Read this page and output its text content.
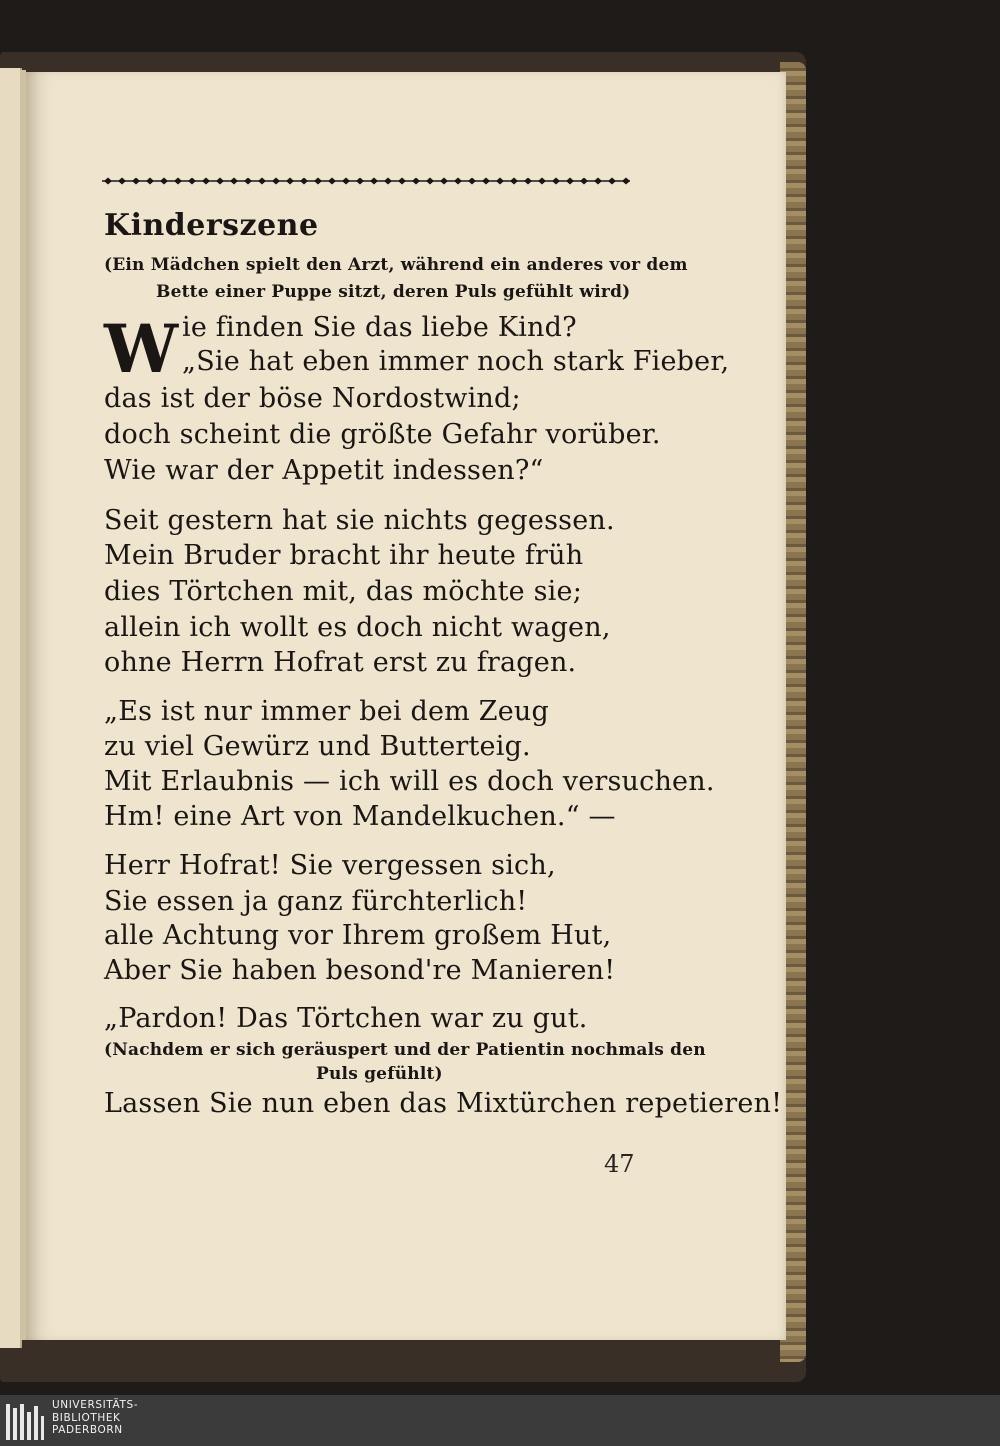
Kinderszene
(Ein Mädchen spielt den Arzt, während ein anderes vor dem
Bette einer Puppe sitzt, deren Puls gefühlt wird)
W ie finden Sie das liebe Kind?
„Sie hat eben immer noch stark Fieber,
das ist der böse Nordostwind;
doch scheint die größte Gefahr vorüber.
Wie war der Appetit indessen?“
Seit gestern hat sie nichts gegessen.
Mein Bruder bracht ihr heute früh
dies Törtchen mit, das möchte sie;
allein ich wollt es doch nicht wagen,
ohne Herrn Hofrat erst zu fragen.
„Es ist nur immer bei dem Zeug
zu viel Gewürz und Butterteig.
Mit Erlaubnis — ich will es doch versuchen.
Hm! eine Art von Mandelkuchen.“ —
Herr Hofrat! Sie vergessen sich,
Sie essen ja ganz fürchterlich!
alle Achtung vor Ihrem großem Hut,
Aber Sie haben besond're Manieren!
„Pardon! Das Törtchen war zu gut.
(Nachdem er sich geräuspert und der Patientin nochmals den
Puls gefühlt)
Lassen Sie nun eben das Mixtürchen repetieren!
47
UNIVERSITÄTS-
BIBLIOTHEK
PADERBORN
